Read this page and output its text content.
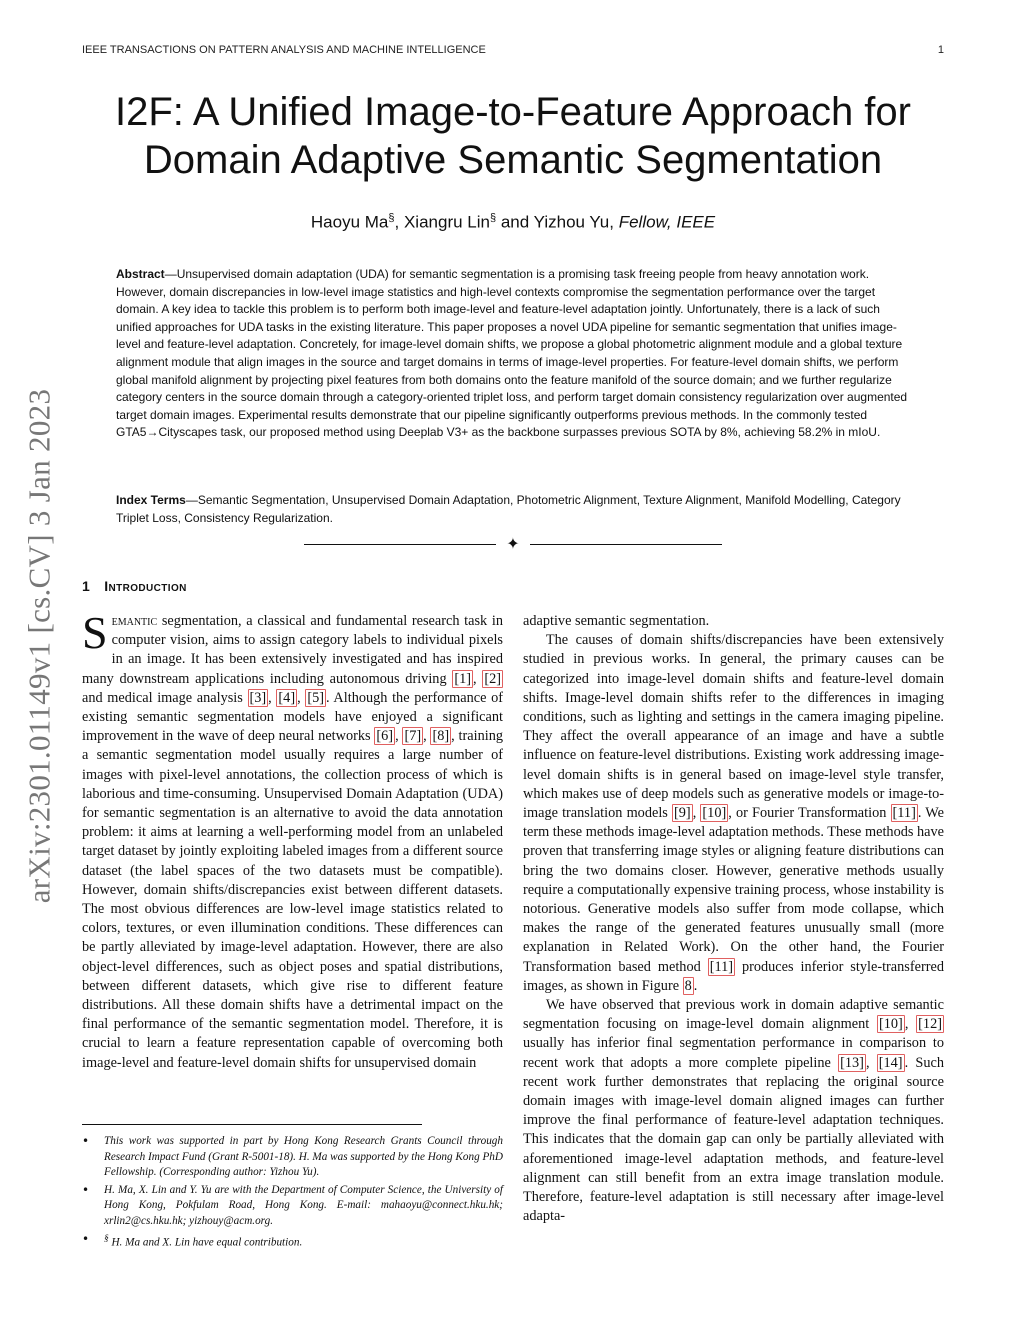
IEEE TRANSACTIONS ON PATTERN ANALYSIS AND MACHINE INTELLIGENCE	1
arXiv:2301.01149v1 [cs.CV] 3 Jan 2023
I2F: A Unified Image-to-Feature Approach for Domain Adaptive Semantic Segmentation
Haoyu Ma§, Xiangru Lin§ and Yizhou Yu, Fellow, IEEE

Abstract—Unsupervised domain adaptation (UDA) for semantic segmentation is a promising task freeing people from heavy annotation work. However, domain discrepancies in low-level image statistics and high-level contexts compromise the segmentation performance over the target domain. A key idea to tackle this problem is to perform both image-level and feature-level adaptation jointly. Unfortunately, there is a lack of such unified approaches for UDA tasks in the existing literature. This paper proposes a novel UDA pipeline for semantic segmentation that unifies image-level and feature-level adaptation. Concretely, for image-level domain shifts, we propose a global photometric alignment module and a global texture alignment module that align images in the source and target domains in terms of image-level properties. For feature-level domain shifts, we perform global manifold alignment by projecting pixel features from both domains onto the feature manifold of the source domain; and we further regularize category centers in the source domain through a category-oriented triplet loss, and perform target domain consistency regularization over augmented target domain images. Experimental results demonstrate that our pipeline significantly outperforms previous methods. In the commonly tested GTA5→Cityscapes task, our proposed method using Deeplab V3+ as the backbone surpasses previous SOTA by 8%, achieving 58.2% in mIoU.

Index Terms—Semantic Segmentation, Unsupervised Domain Adaptation, Photometric Alignment, Texture Alignment, Manifold Modelling, Category Triplet Loss, Consistency Regularization.

✦
1 Introduction

Semantic segmentation, a classical and fundamental research task in computer vision, aims to assign category labels to individual pixels in an image. It has been extensively investigated and has inspired many downstream applications including autonomous driving [1] , [2] and medical image analysis [3] , [4] , [5] . Although the performance of existing semantic segmentation models have enjoyed a significant improvement in the wave of deep neural networks [6] , [7] , [8] , training a semantic segmentation model usually requires a large number of images with pixel-level annotations, the collection process of which is laborious and time-consuming. Unsupervised Domain Adaptation (UDA) for semantic segmentation is an alternative to avoid the data annotation problem: it aims at learning a well-performing model from an unlabeled target dataset by jointly exploiting labeled images from a different source dataset (the label spaces of the two datasets must be compatible). However, domain shifts/discrepancies exist between different datasets. The most obvious differences are low-level image statistics related to colors, textures, or even illumination conditions. These differences can be partly alleviated by image-level adaptation. However, there are also object-level differences, such as object poses and spatial distributions, between different datasets, which give rise to different feature distributions. All these domain shifts have a detrimental impact on the final performance of the semantic segmentation model. Therefore, it is crucial to learn a feature representation capable of overcoming both image-level and feature-level domain shifts for unsupervised domain

adaptive semantic segmentation.

The causes of domain shifts/discrepancies have been extensively studied in previous works. In general, the primary causes can be categorized into image-level domain shifts and feature-level domain shifts. Image-level domain shifts refer to the differences in imaging conditions, such as lighting and settings in the camera imaging pipeline. They affect the overall appearance of an image and have a subtle influence on feature-level distributions. Existing work addressing image-level domain shifts is in general based on image-level style transfer, which makes use of deep models such as generative models or image-to-image translation models [9] , [10] , or Fourier Transformation [11] . We term these methods image-level adaptation methods. These methods have proven that transferring image styles or aligning feature distributions can bring the two domains closer. However, generative methods usually require a computationally expensive training process, whose instability is notorious. Generative models also suffer from mode collapse, which makes the range of the generated features unusually small (more explanation in Related Work). On the other hand, the Fourier Transformation based method [11] produces inferior style-transferred images, as shown in Figure 8 .

We have observed that previous work in domain adaptive semantic segmentation focusing on image-level domain alignment [10] , [12] usually has inferior final segmentation performance in comparison to recent work that adopts a more complete pipeline [13] , [14] . Such recent work further demonstrates that replacing the original source domain images with image-level domain aligned images can further improve the final performance of feature-level adaptation techniques. This indicates that the domain gap can only be partially alleviated with aforementioned image-level adaptation methods, and feature-level alignment can still benefit from an extra image translation module. Therefore, feature-level adaptation is still necessary after image-level adapta-

• This work was supported in part by Hong Kong Research Grants Council through Research Impact Fund (Grant R-5001-18). H. Ma was supported by the Hong Kong PhD Fellowship. (Corresponding author: Yizhou Yu).
• H. Ma, X. Lin and Y. Yu are with the Department of Computer Science, the University of Hong Kong, Pokfulam Road, Hong Kong. E-mail: mahaoyu@connect.hku.hk; xrlin2@cs.hku.hk; yizhouy@acm.org.
• § H. Ma and X. Lin have equal contribution.
